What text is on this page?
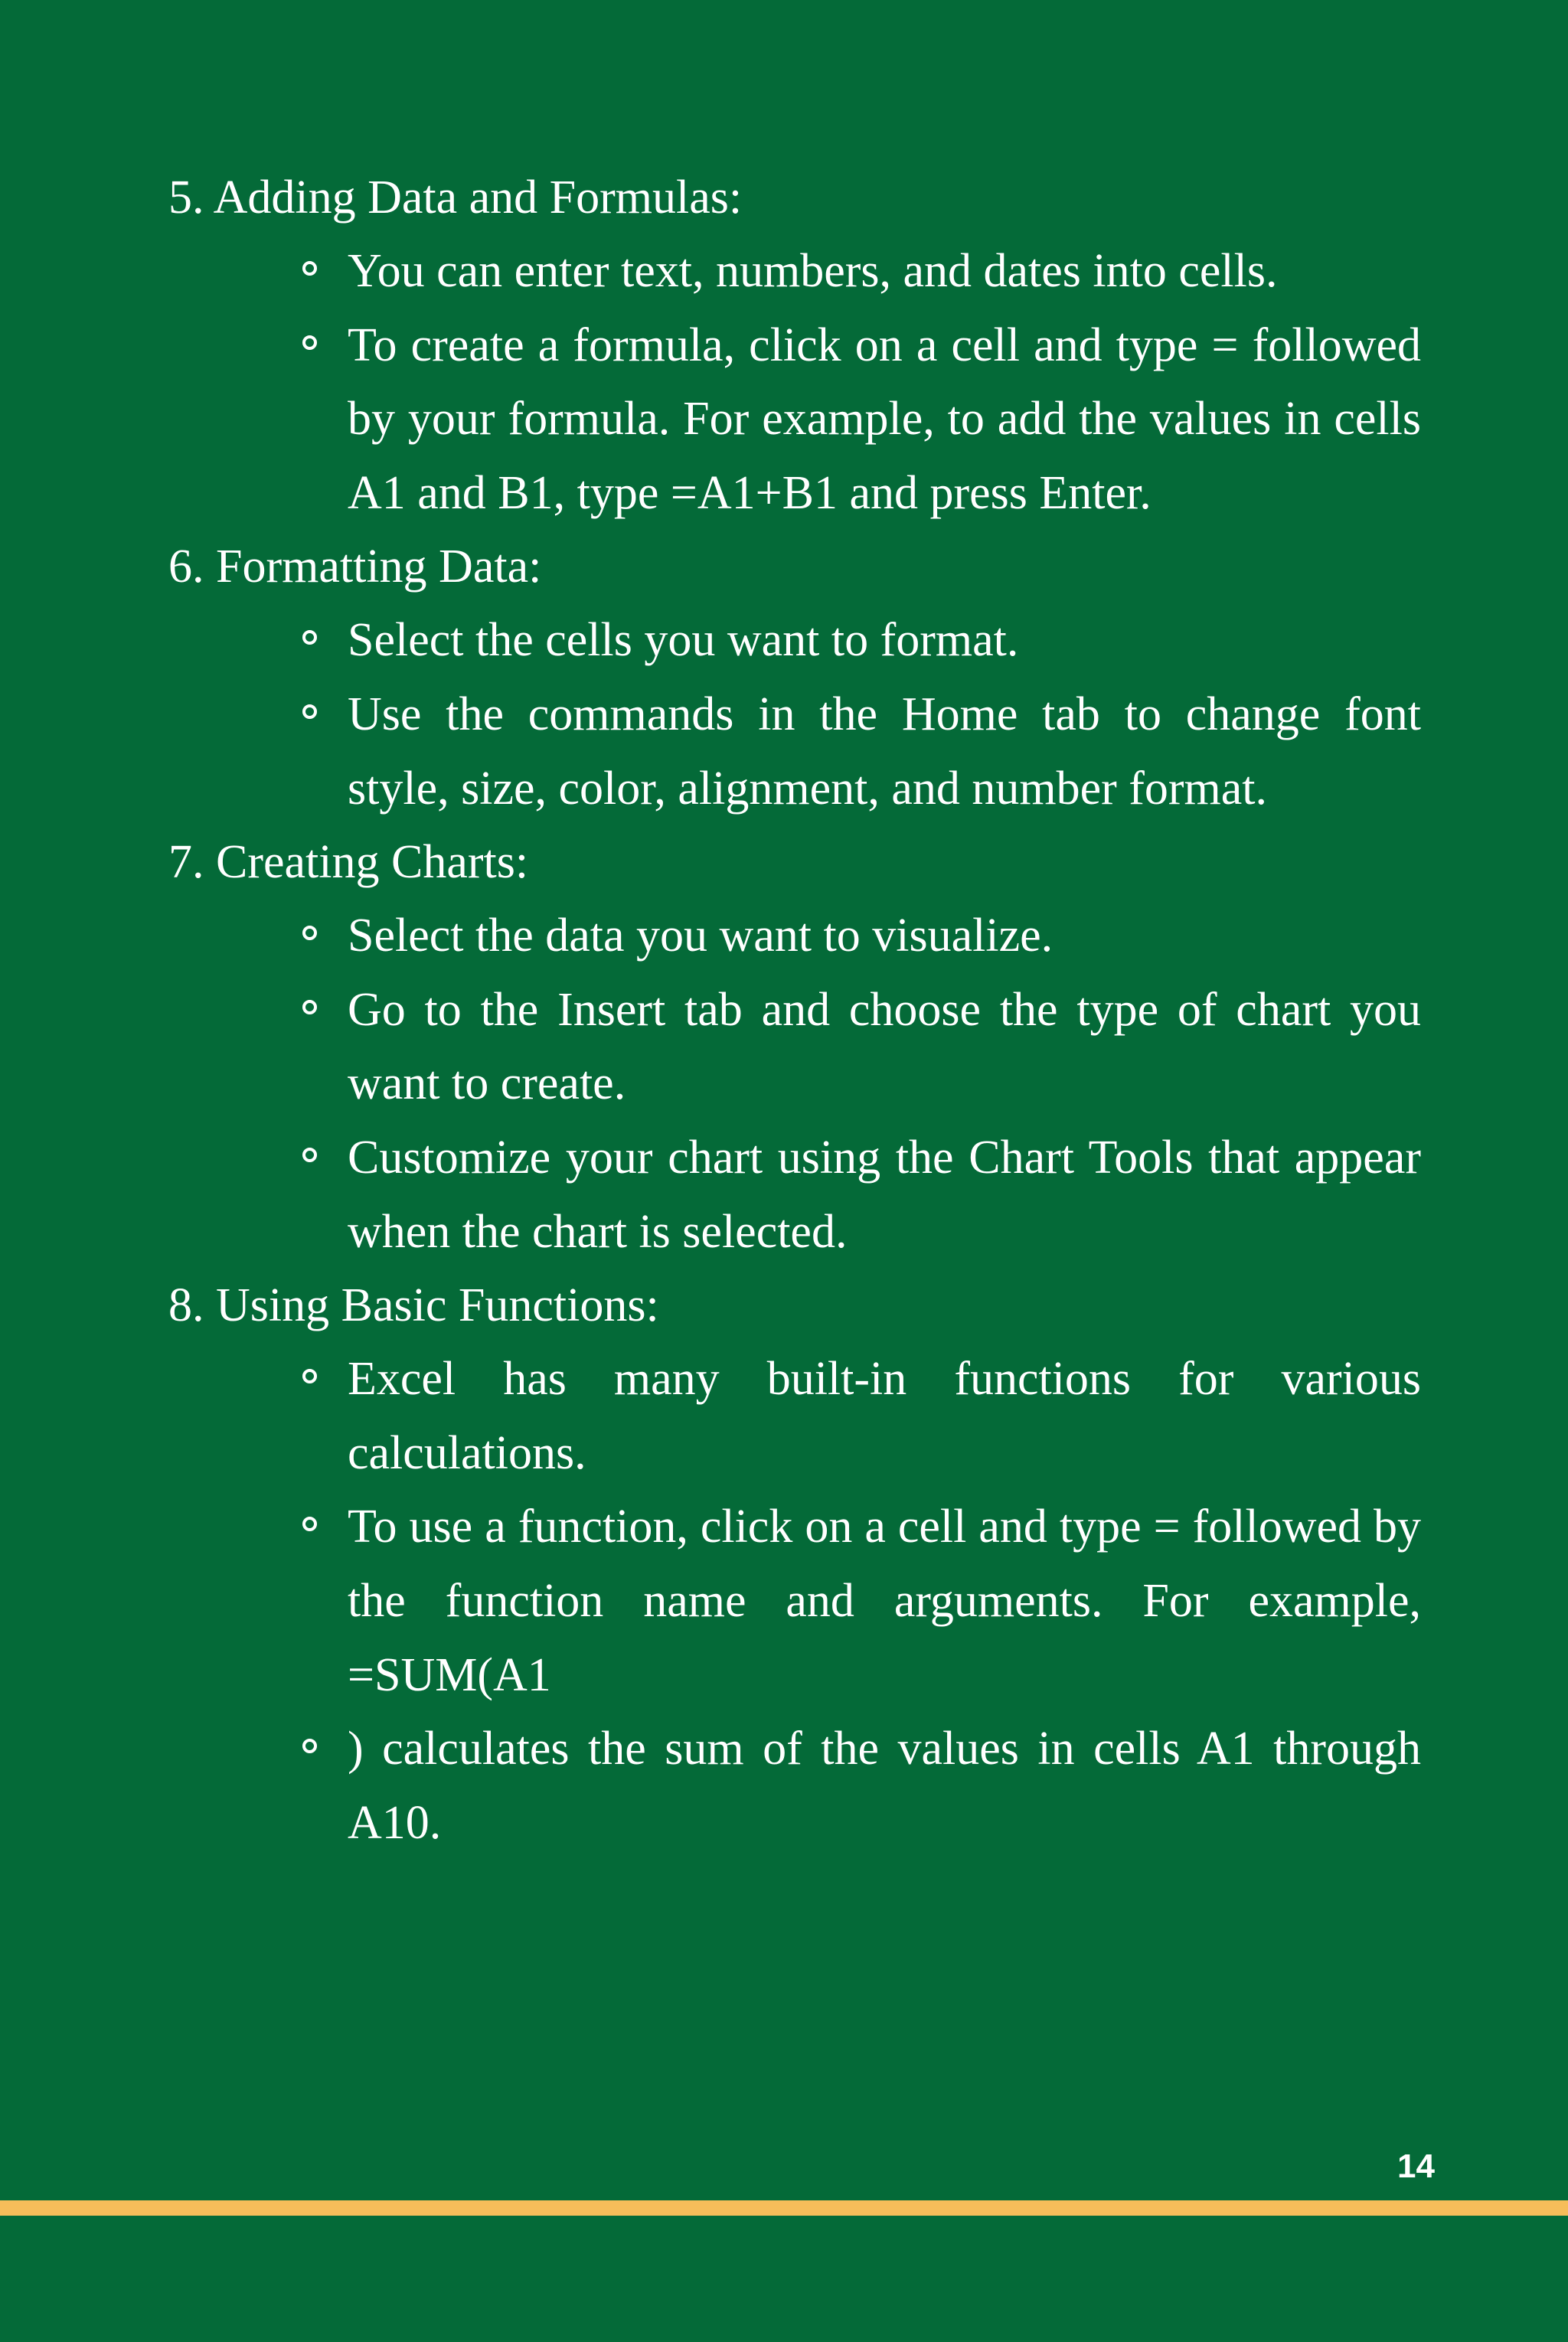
5. Adding Data and Formulas:

You can enter text, numbers, and dates into cells.
To create a formula, click on a cell and type = followed by your formula. For example, to add the values in cells A1 and B1, type =A1+B1 and press Enter.

6. Formatting Data:

Select the cells you want to format.
Use the commands in the Home tab to change font style, size, color, alignment, and number format.

7. Creating Charts:

Select the data you want to visualize.
Go to the Insert tab and choose the type of chart you want to create.
Customize your chart using the Chart Tools that appear when the chart is selected.

8. Using Basic Functions:

Excel has many built-in functions for various calculations.
To use a function, click on a cell and type = followed by the function name and arguments. For example, =SUM(A1
) calculates the sum of the values in cells A1 through A10.
14
